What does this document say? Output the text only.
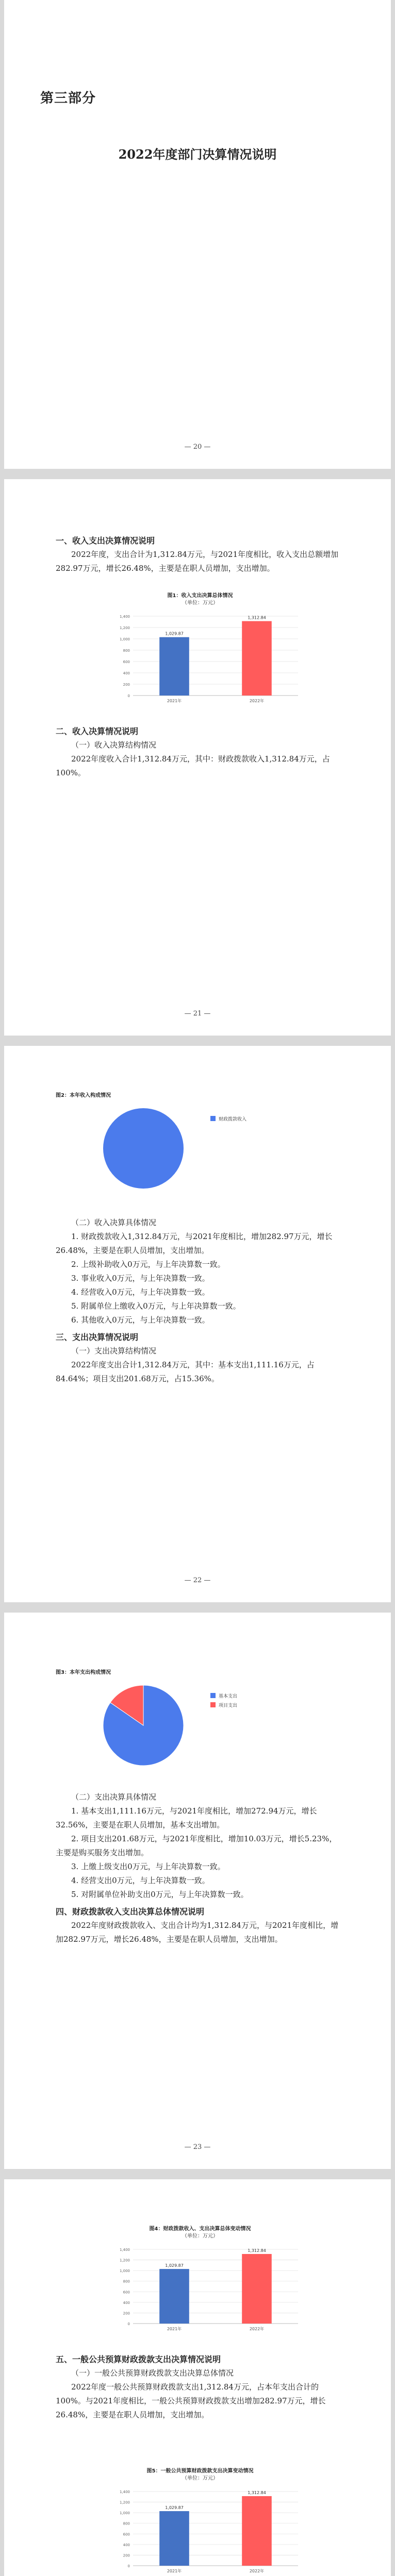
第三部分
2022年度部门决算情况说明
— 20 —

一、收入支出决算情况说明

2022年度，支出合计为1,312.84万元，与2021年度相比，收入支出总额增加282.97万元，增长26.48%，主要是在职人员增加，支出增加。

图1：收入支出决算总体情况
（单位：万元）
0
200
400
600
800
1,000
1,200
1,400
1,029.87
2021年
1,312.84
2022年

二、收入决算情况说明

（一）收入决算结构情况

2022年度收入合计1,312.84万元，其中：财政拨款收入1,312.84万元，占100%。

— 21 —
图2：本年收入构成情况
财政拨款收入

（二）收入决算具体情况

1. 财政拨款收入1,312.84万元，与2021年度相比，增加282.97万元，增长26.48%，主要是在职人员增加，支出增加。

2. 上级补助收入0万元，与上年决算数一致。

3. 事业收入0万元，与上年决算数一致。

4. 经营收入0万元，与上年决算数一致。

5. 附属单位上缴收入0万元，与上年决算数一致。

6. 其他收入0万元，与上年决算数一致。

三、支出决算情况说明

（一）支出决算结构情况

2022年度支出合计1,312.84万元，其中：基本支出1,111.16万元，占84.64%；项目支出201.68万元，占15.36%。

— 22 —
图3：本年支出构成情况
基本支出
项目支出

（二）支出决算具体情况

1. 基本支出1,111.16万元，与2021年度相比，增加272.94万元，增长32.56%，主要是在职人员增加，基本支出增加。

2. 项目支出201.68万元，与2021年度相比，增加10.03万元，增长5.23%，主要是购买服务支出增加。

3. 上缴上级支出0万元，与上年决算数一致。

4. 经营支出0万元，与上年决算数一致。

5. 对附属单位补助支出0万元，与上年决算数一致。

四、财政拨款收入支出决算总体情况说明

2022年度财政拨款收入、支出合计均为1,312.84万元，与2021年度相比，增加282.97万元，增长26.48%，主要是在职人员增加，支出增加。

— 23 —
图4：财政拨款收入、支出决算总体变动情况
（单位：万元）
0
200
400
600
800
1,000
1,200
1,400
1,029.87
2021年
1,312.84
2022年

五、一般公共预算财政拨款支出决算情况说明

（一）一般公共预算财政拨款支出决算总体情况

2022年度一般公共预算财政拨款支出1,312.84万元，占本年支出合计的100%。与2021年度相比，一般公共预算财政拨款支出增加282.97万元，增长26.48%，主要是在职人员增加，支出增加。

图5：一般公共预算财政拨款支出决算变动情况
（单位：万元）
0
200
400
600
800
1,000
1,200
1,400
1,029.87
2021年
1,312.84
2022年
